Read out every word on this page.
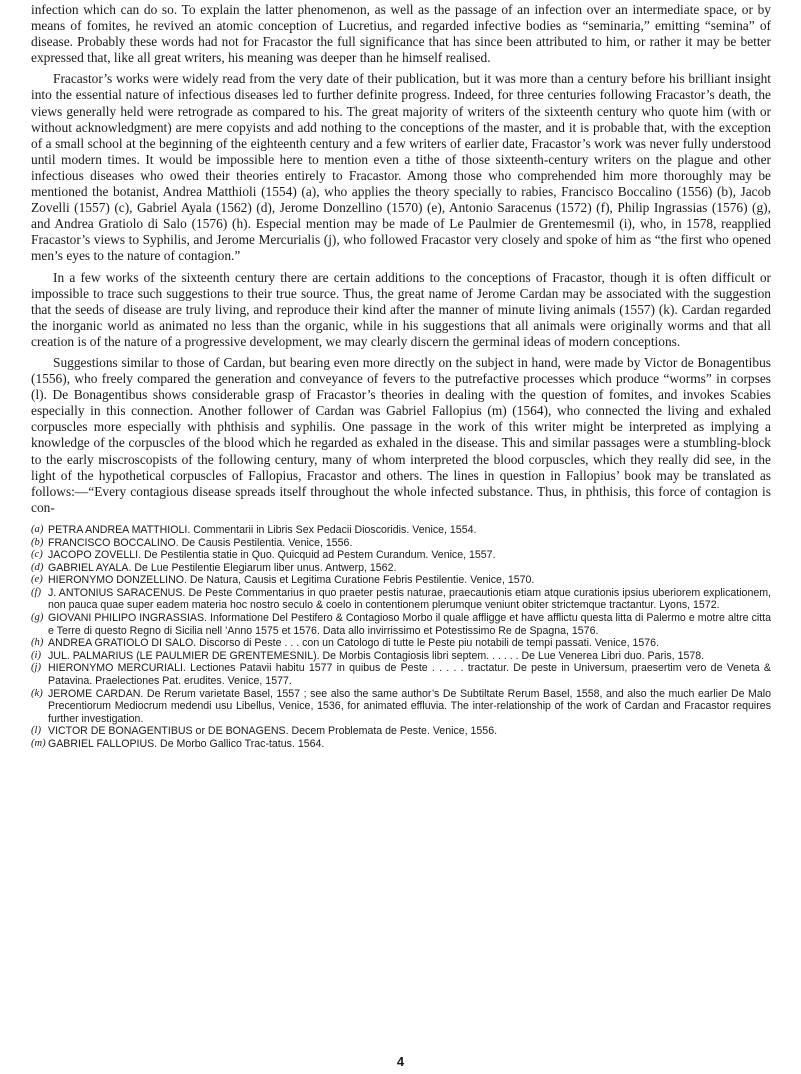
infection which can do so. To explain the latter phenomenon, as well as the passage of an infection over an intermediate space, or by means of fomites, he revived an atomic conception of Lucretius, and regarded infective bodies as “seminaria,” emitting “semina” of disease. Probably these words had not for Fracastor the full significance that has since been attributed to him, or rather it may be better expressed that, like all great writers, his meaning was deeper than he himself realised.

Fracastor’s works were widely read from the very date of their publication, but it was more than a century before his brilliant insight into the essential nature of infectious diseases led to further definite progress. Indeed, for three centuries following Fracastor’s death, the views generally held were retrograde as compared to his. The great majority of writers of the sixteenth century who quote him (with or without acknowledgment) are mere copyists and add nothing to the conceptions of the master, and it is probable that, with the exception of a small school at the beginning of the eighteenth century and a few writers of earlier date, Fracastor’s work was never fully understood until modern times. It would be impossible here to mention even a tithe of those sixteenth-century writers on the plague and other infectious diseases who owed their theories entirely to Fracastor. Among those who comprehended him more thoroughly may be mentioned the botanist, Andrea Matthioli (1554) (a), who applies the theory specially to rabies, Francisco Boccalino (1556) (b), Jacob Zovelli (1557) (c), Gabriel Ayala (1562) (d), Jerome Donzellino (1570) (e), Antonio Saracenus (1572) (f), Philip Ingrassias (1576) (g), and Andrea Gratiolo di Salo (1576) (h). Especial mention may be made of Le Paulmier de Grentemesmil (i), who, in 1578, reapplied Fracastor’s views to Syphilis, and Jerome Mercurialis (j), who followed Fracastor very closely and spoke of him as “the first who opened men’s eyes to the nature of contagion.”

In a few works of the sixteenth century there are certain additions to the conceptions of Fracastor, though it is often difficult or impossible to trace such suggestions to their true source. Thus, the great name of Jerome Cardan may be associated with the suggestion that the seeds of disease are truly living, and reproduce their kind after the manner of minute living animals (1557) (k). Cardan regarded the inorganic world as animated no less than the organic, while in his suggestions that all animals were originally worms and that all creation is of the nature of a progressive development, we may clearly discern the germinal ideas of modern conceptions.

Suggestions similar to those of Cardan, but bearing even more directly on the subject in hand, were made by Victor de Bonagentibus (1556), who freely compared the generation and conveyance of fevers to the putrefactive processes which produce “worms” in corpses (l). De Bonagentibus shows considerable grasp of Fracastor’s theories in dealing with the question of fomites, and invokes Scabies especially in this connection. Another follower of Cardan was Gabriel Fallopius (m) (1564), who connected the living and exhaled corpuscles more especially with phthisis and syphilis. One passage in the work of this writer might be interpreted as implying a knowledge of the corpuscles of the blood which he regarded as exhaled in the disease. This and similar passages were a stumbling-block to the early miscroscopists of the following century, many of whom interpreted the blood corpuscles, which they really did see, in the light of the hypothetical corpuscles of Fallopius, Fracastor and others. The lines in question in Fallopius’ book may be translated as follows:—“Every contagious disease spreads itself throughout the whole infected substance. Thus, in phthisis, this force of contagion is con-

(a) PETRA ANDREA MATTHIOLI. Commentarii in Libris Sex Pedacii Dioscoridis. Venice, 1554.
(b) FRANCISCO BOCCALINO. De Causis Pestilentia. Venice, 1556.
(c) JACOPO ZOVELLI. De Pestilentia statie in Quo. Quicquid ad Pestem Curandum. Venice, 1557.
(d) GABRIEL AYALA. De Lue Pestilentie Elegiarum liber unus. Antwerp, 1562.
(e) HIERONYMO DONZELLINO. De Natura, Causis et Legitima Curatione Febris Pestilentie. Venice, 1570.
(f) J. ANTONIUS SARACENUS. De Peste Commentarius in quo praeter pestis naturae, praecautionis etiam atque curationis ipsius uberiorem explicationem, non pauca quae super eadem materia hoc nostro seculo & coelo in contentionem plerumque veniunt obiter strictemque tractantur. Lyons, 1572.
(g) GIOVANI PHILIPO INGRASSIAS. Informatione Del Pestifero & Contagioso Morbo il quale affligge et have afflictu questa litta di Palermo e motre altre citta e Terre di questo Regno di Sicilia nell ’Anno 1575 et 1576. Data allo invirrissimo et Potestissimo Re de Spagna, 1576.
(h) ANDREA GRATIOLO DI SALO. Discorso di Peste . . . con un Catologo di tutte le Peste piu notabili de tempi passati. Venice, 1576.
(i) JUL. PALMARIUS (LE PAULMIER DE GRENTEMESNIL). De Morbis Contagiosis libri septem. . . . . . De Lue Venerea Libri duo. Paris, 1578.
(j) HIERONYMO MERCURIALI. Lectiones Patavii habitu 1577 in quibus de Peste . . . . . tractatur. De peste in Universum, praesertim vero de Veneta & Patavina. Praelectiones Pat. erudites. Venice, 1577.
(k) JEROME CARDAN. De Rerum varietate Basel, 1557 ; see also the same author’s De Subtiltate Rerum Basel, 1558, and also the much earlier De Malo Precentiorum Mediocrum medendi usu Libellus, Venice, 1536, for animated effluvia. The inter-relationship of the work of Cardan and Fracastor requires further investigation.
(l) VICTOR DE BONAGENTIBUS or DE BONAGENS. Decem Problemata de Peste. Venice, 1556.
(m) GABRIEL FALLOPIUS. De Morbo Gallico Trac-tatus. 1564.
4
